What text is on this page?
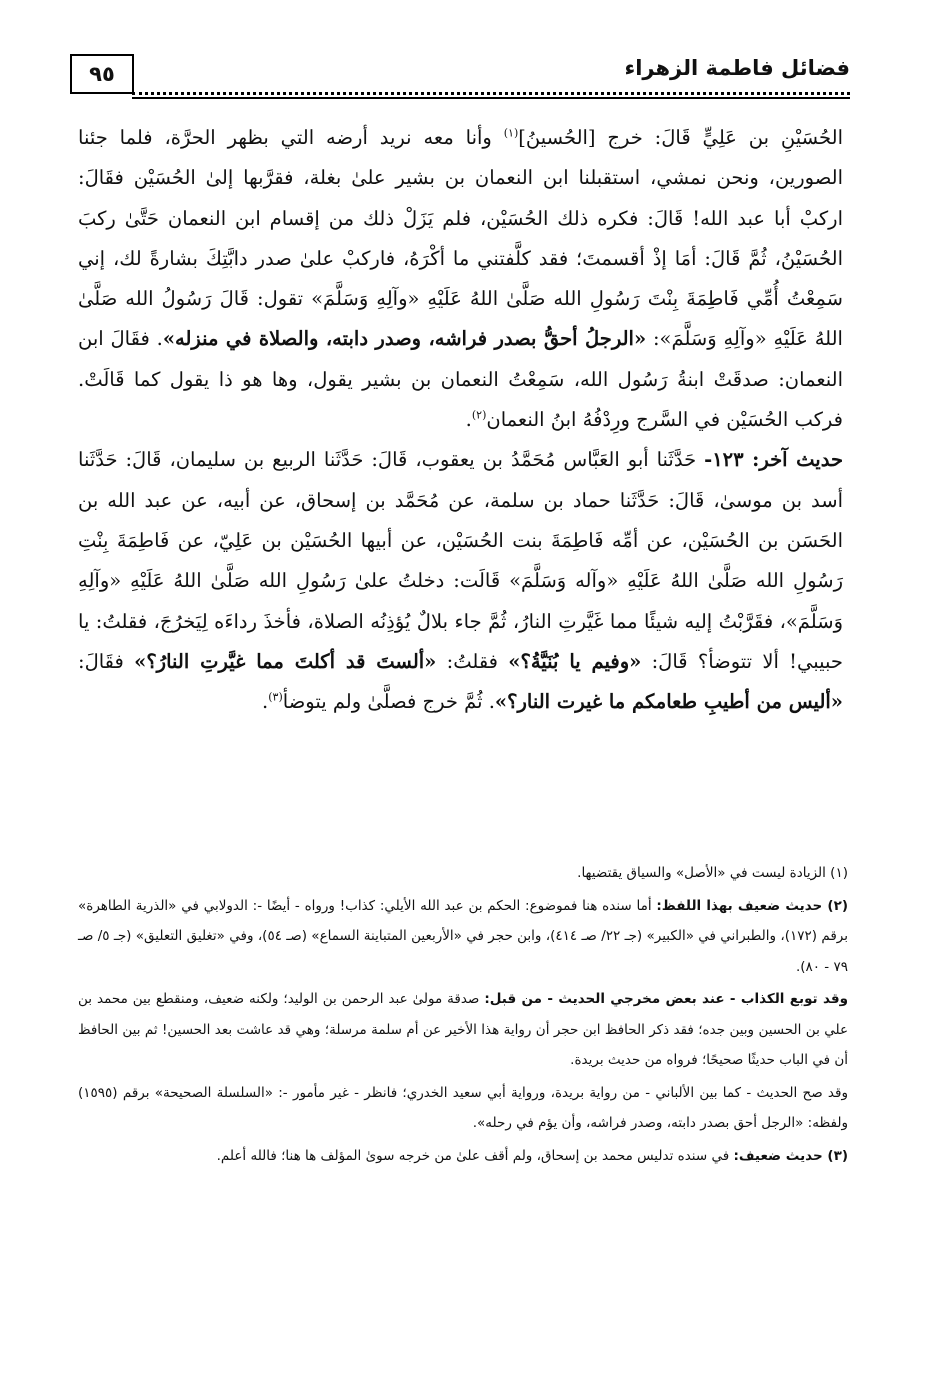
٩٥	فضائل فاطمة الزهراء

الحُسَيْنِ بن عَلِيٍّ قَالَ: خرج [الحُسينُ]$^{(١)}$ وأنا معه نريد أرضه التي بظهر الحرَّة، فلما جئنا الصورين، ونحن نمشي، استقبلنا ابن النعمان بن بشير علىٰ بغلة، فقرَّبها إلىٰ الحُسَيْن فقَالَ: اركبْ أبا عبد الله! قَالَ: فكره ذلك الحُسَيْن، فلم يَزَلْ ذلك من إقسام ابن النعمان حَتَّىٰ ركبَ الحُسَيْنُ، ثُمَّ قَالَ: أمَا إذْ أقسمتَ؛ فقد كلَّفتني ما أكْرَهُ، فاركبْ علىٰ صدر دابَّتِكَ بشارةً لك، إني سَمِعْتُ أُمِّي فَاطِمَةَ بِنْتَ رَسُولِ الله صَلَّىٰ اللهُ عَلَيْهِ «وآلِهِ وَسَلَّمَ» تقول: قَالَ رَسُولُ الله صَلَّىٰ اللهُ عَلَيْهِ «وآلِهِ وَسَلَّمَ»: «الرجلُ أحقُّ بصدر فراشه، وصدر دابته، والصلاة في منزله». فقَالَ ابن النعمان: صدقَتْ ابنةُ رَسُول الله، سَمِعْتُ النعمان بن بشير يقول، وها هو ذا يقول كما قَالَتْ. فركب الحُسَيْن في السَّرج ورِدْفُهُ ابنُ النعمان$^{(٢)}$.

حديث آخر: ١٢٣- حَدَّثَنا أبو العَبَّاس مُحَمَّدُ بن يعقوب، قَالَ: حَدَّثَنا الربيع بن سليمان، قَالَ: حَدَّثَنا أسد بن موسىٰ، قَالَ: حَدَّثَنا حماد بن سلمة، عن مُحَمَّد بن إسحاق، عن أبيه، عن عبد الله بن الحَسَن بن الحُسَيْن، عن أمِّه فَاطِمَةَ بنت الحُسَيْن، عن أبيها الحُسَيْن بن عَلِيّ، عن فَاطِمَةَ بِنْتِ رَسُولِ الله صَلَّىٰ اللهُ عَلَيْهِ «وآله وَسَلَّمَ» قَالَت: دخلتُ علىٰ رَسُولِ الله صَلَّىٰ اللهُ عَلَيْهِ «وآلِهِ وَسَلَّمَ»، فقَرَّبْتُ إليه شيئًا مما غَيَّرتِ النارُ، ثُمَّ جاء بلالٌ يُؤذِنُه الصلاة، فأخذَ رداءَه لِيَخرُجَ، فقلتُ: يا حبيبي! ألا تتوضأ؟ قَالَ: «وفيم يا بُنَيَّةُ؟» فقلتُ: «ألستَ قد أكلتَ مما غيَّرتِ النارُ؟» فقَالَ: «أليس من أطيبِ طعامكم ما غيرت النار؟». ثُمَّ خرج فصلَّىٰ ولم يتوضأ$^{(٣)}$.

(١) الزيادة ليست في «الأصل» والسياق يقتضيها.

(٢) حديث ضعيف بهذا اللفظ: أما سنده هنا فموضوع: الحكم بن عبد الله الأيلي: كذاب! ورواه - أيضًا -: الدولابي في «الذرية الطاهرة» برقم (١٧٢)، والطبراني في «الكبير» (جـ ٢٢/ صـ ٤١٤)، وابن حجر في «الأربعين المتباينة السماع» (صـ ٥٤)، وفي «تغليق التعليق» (جـ ٥/ صـ ٧٩ - ٨٠).

وقد توبع الكذاب - عند بعض مخرجي الحديث - من قبل: صدقة مولىٰ عبد الرحمن بن الوليد؛ ولكنه ضعيف، ومنقطع بين محمد بن علي بن الحسين وبين جده؛ فقد ذكر الحافظ ابن حجر أن رواية هذا الأخير عن أم سلمة مرسلة؛ وهي قد عاشت بعد الحسين! ثم بين الحافظ أن في الباب حديثًا صحيحًا؛ فرواه من حديث بريدة.

وقد صح الحديث - كما بين الألباني - من رواية بريدة، ورواية أبي سعيد الخدري؛ فانظر - غير مأمور -: «السلسلة الصحيحة» برقم (١٥٩٥) ولفظه: «الرجل أحق بصدر دابته، وصدر فراشه، وأن يؤم في رحله».

(٣) حديث ضعيف: في سنده تدليس محمد بن إسحاق، ولم أقف علىٰ من خرجه سوىٰ المؤلف ها هنا؛ فالله أعلم.
